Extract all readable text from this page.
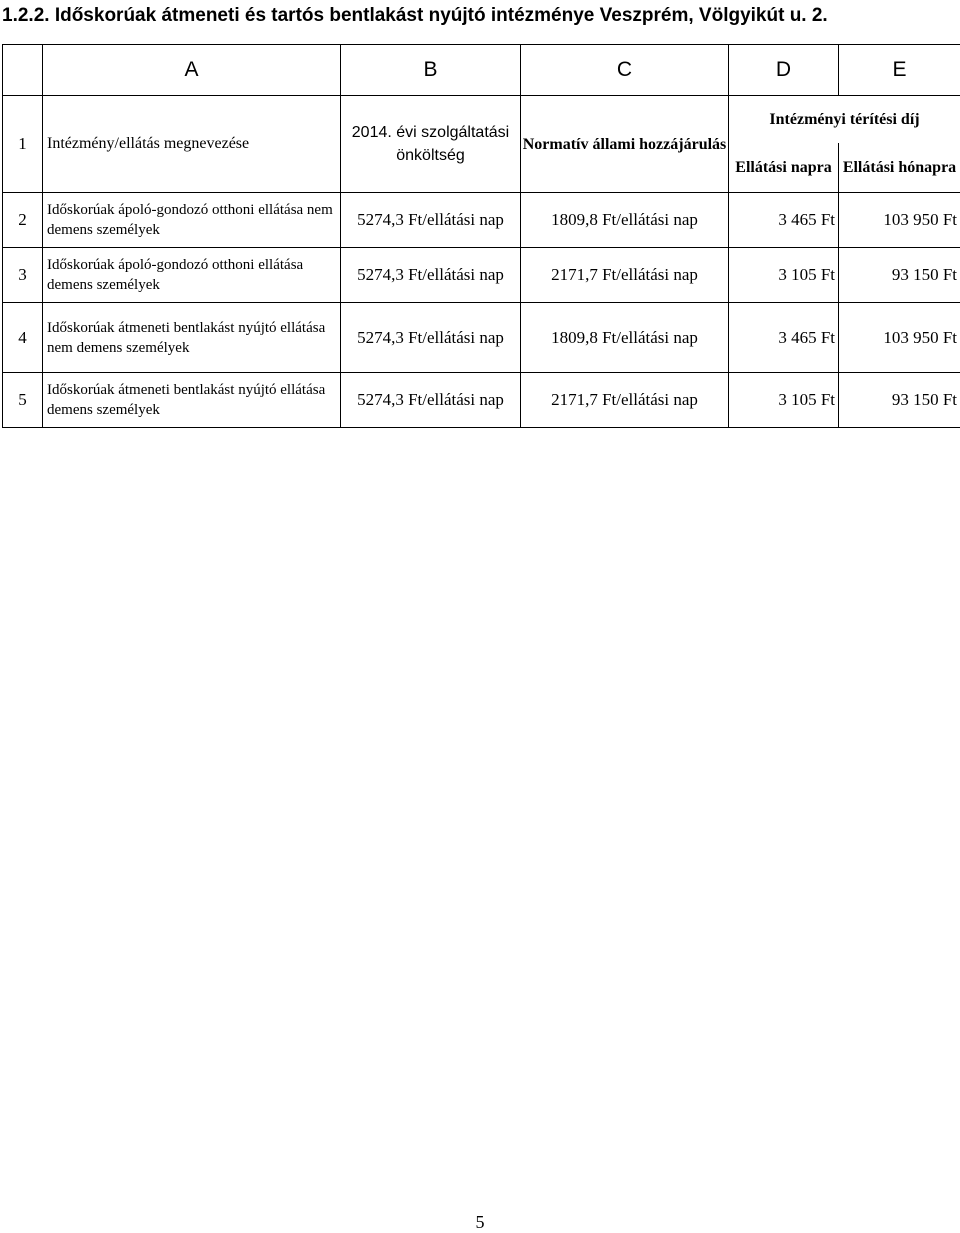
1.2.2. Időskorúak átmeneti és tartós bentlakást nyújtó intézménye Veszprém, Völgyikút u. 2.
	A	B	C	D	E
1	Intézmény/ellátás megnevezése	2014. évi szolgáltatási önköltség	Normatív állami hozzájárulás	Intézményi térítési díj	
				Ellátási napra	Ellátási hónapra
2	Időskorúak ápoló-gondozó otthoni ellátása nem demens személyek	5274,3 Ft/ellátási nap	1809,8 Ft/ellátási nap	3 465 Ft	103 950 Ft
3	Időskorúak ápoló-gondozó otthoni ellátása demens személyek	5274,3 Ft/ellátási nap	2171,7 Ft/ellátási nap	3 105 Ft	93 150 Ft
4	Időskorúak átmeneti bentlakást nyújtó ellátása nem demens személyek	5274,3 Ft/ellátási nap	1809,8 Ft/ellátási nap	3 465 Ft	103 950 Ft
5	Időskorúak átmeneti bentlakást nyújtó ellátása demens személyek	5274,3 Ft/ellátási nap	2171,7 Ft/ellátási nap	3 105 Ft	93 150 Ft
5
